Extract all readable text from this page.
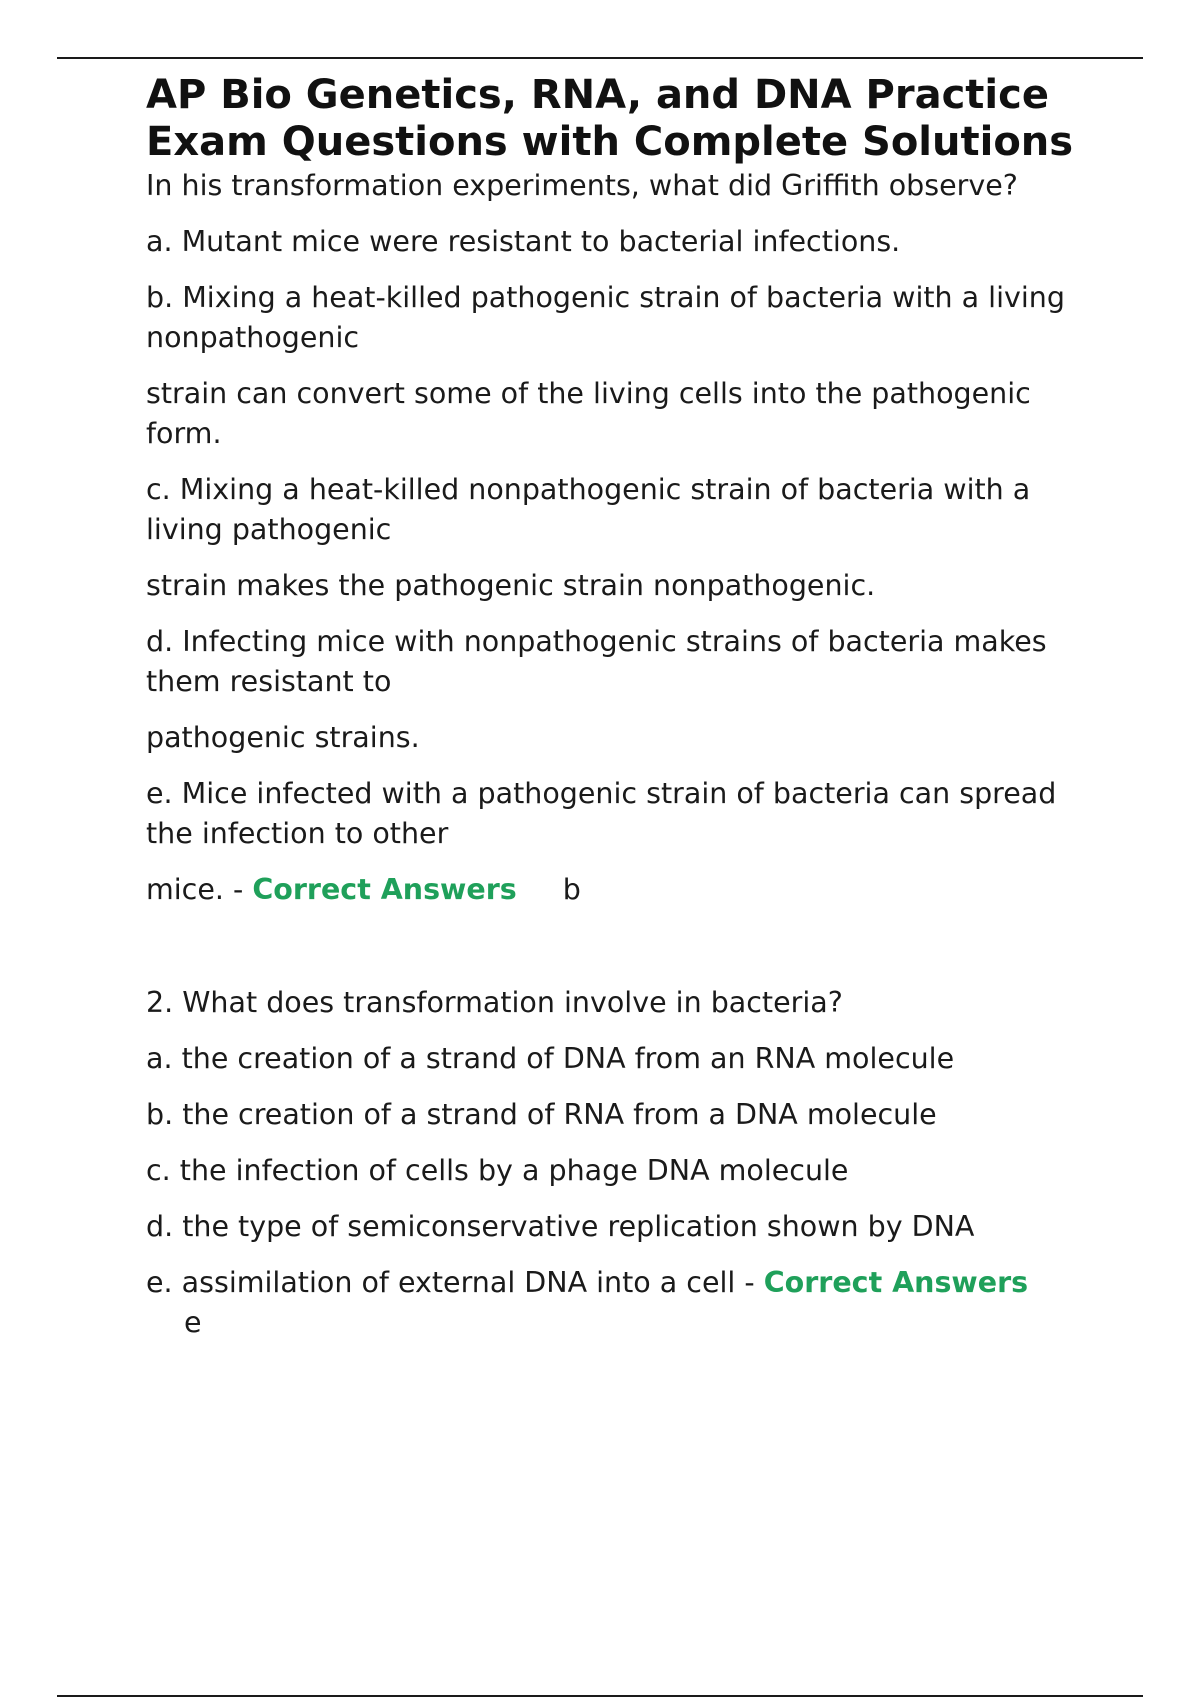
AP Bio Genetics, RNA, and DNA Practice
Exam Questions with Complete Solutions

In his transformation experiments, what did Griffith observe?

a. Mutant mice were resistant to bacterial infections.

b. Mixing a heat-killed pathogenic strain of bacteria with a living nonpathogenic

strain can convert some of the living cells into the pathogenic form.

c. Mixing a heat-killed nonpathogenic strain of bacteria with a living pathogenic

strain makes the pathogenic strain nonpathogenic.

d. Infecting mice with nonpathogenic strains of bacteria makes them resistant to

pathogenic strains.

e. Mice infected with a pathogenic strain of bacteria can spread the infection to other

mice. - Correct Answers b

2. What does transformation involve in bacteria?

a. the creation of a strand of DNA from an RNA molecule

b. the creation of a strand of RNA from a DNA molecule

c. the infection of cells by a phage DNA molecule

d. the type of semiconservative replication shown by DNA

e. assimilation of external DNA into a cell - Correct Answers
e
